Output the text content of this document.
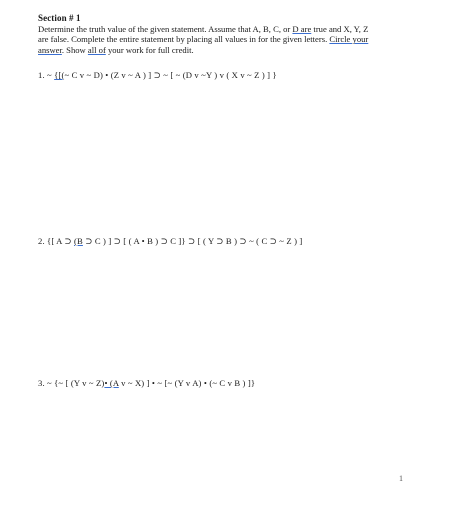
Section # 1
Determine the truth value of the given statement. Assume that A, B, C, or D are true and X, Y, Z
are false. Complete the entire statement by placing all values in for the given letters. Circle your
answer. Show all of your work for full credit.
1. ~ {[(~ C v ~ D) • (Z v ~ A ) ] ⊃ ~ [ ~ (D v ~Y ) v ( X v ~ Z ) ] }
2. {[ A ⊃ (B ⊃ C ) ] ⊃ [ ( A • B ) ⊃ C ]} ⊃ [ ( Y ⊃ B ) ⊃ ~ ( C ⊃ ~ Z ) ]
3. ~ {~ [ (Y v ~ Z)• (A v ~ X) ] • ~ [~ (Y v A) • (~ C v B ) ]}
1
